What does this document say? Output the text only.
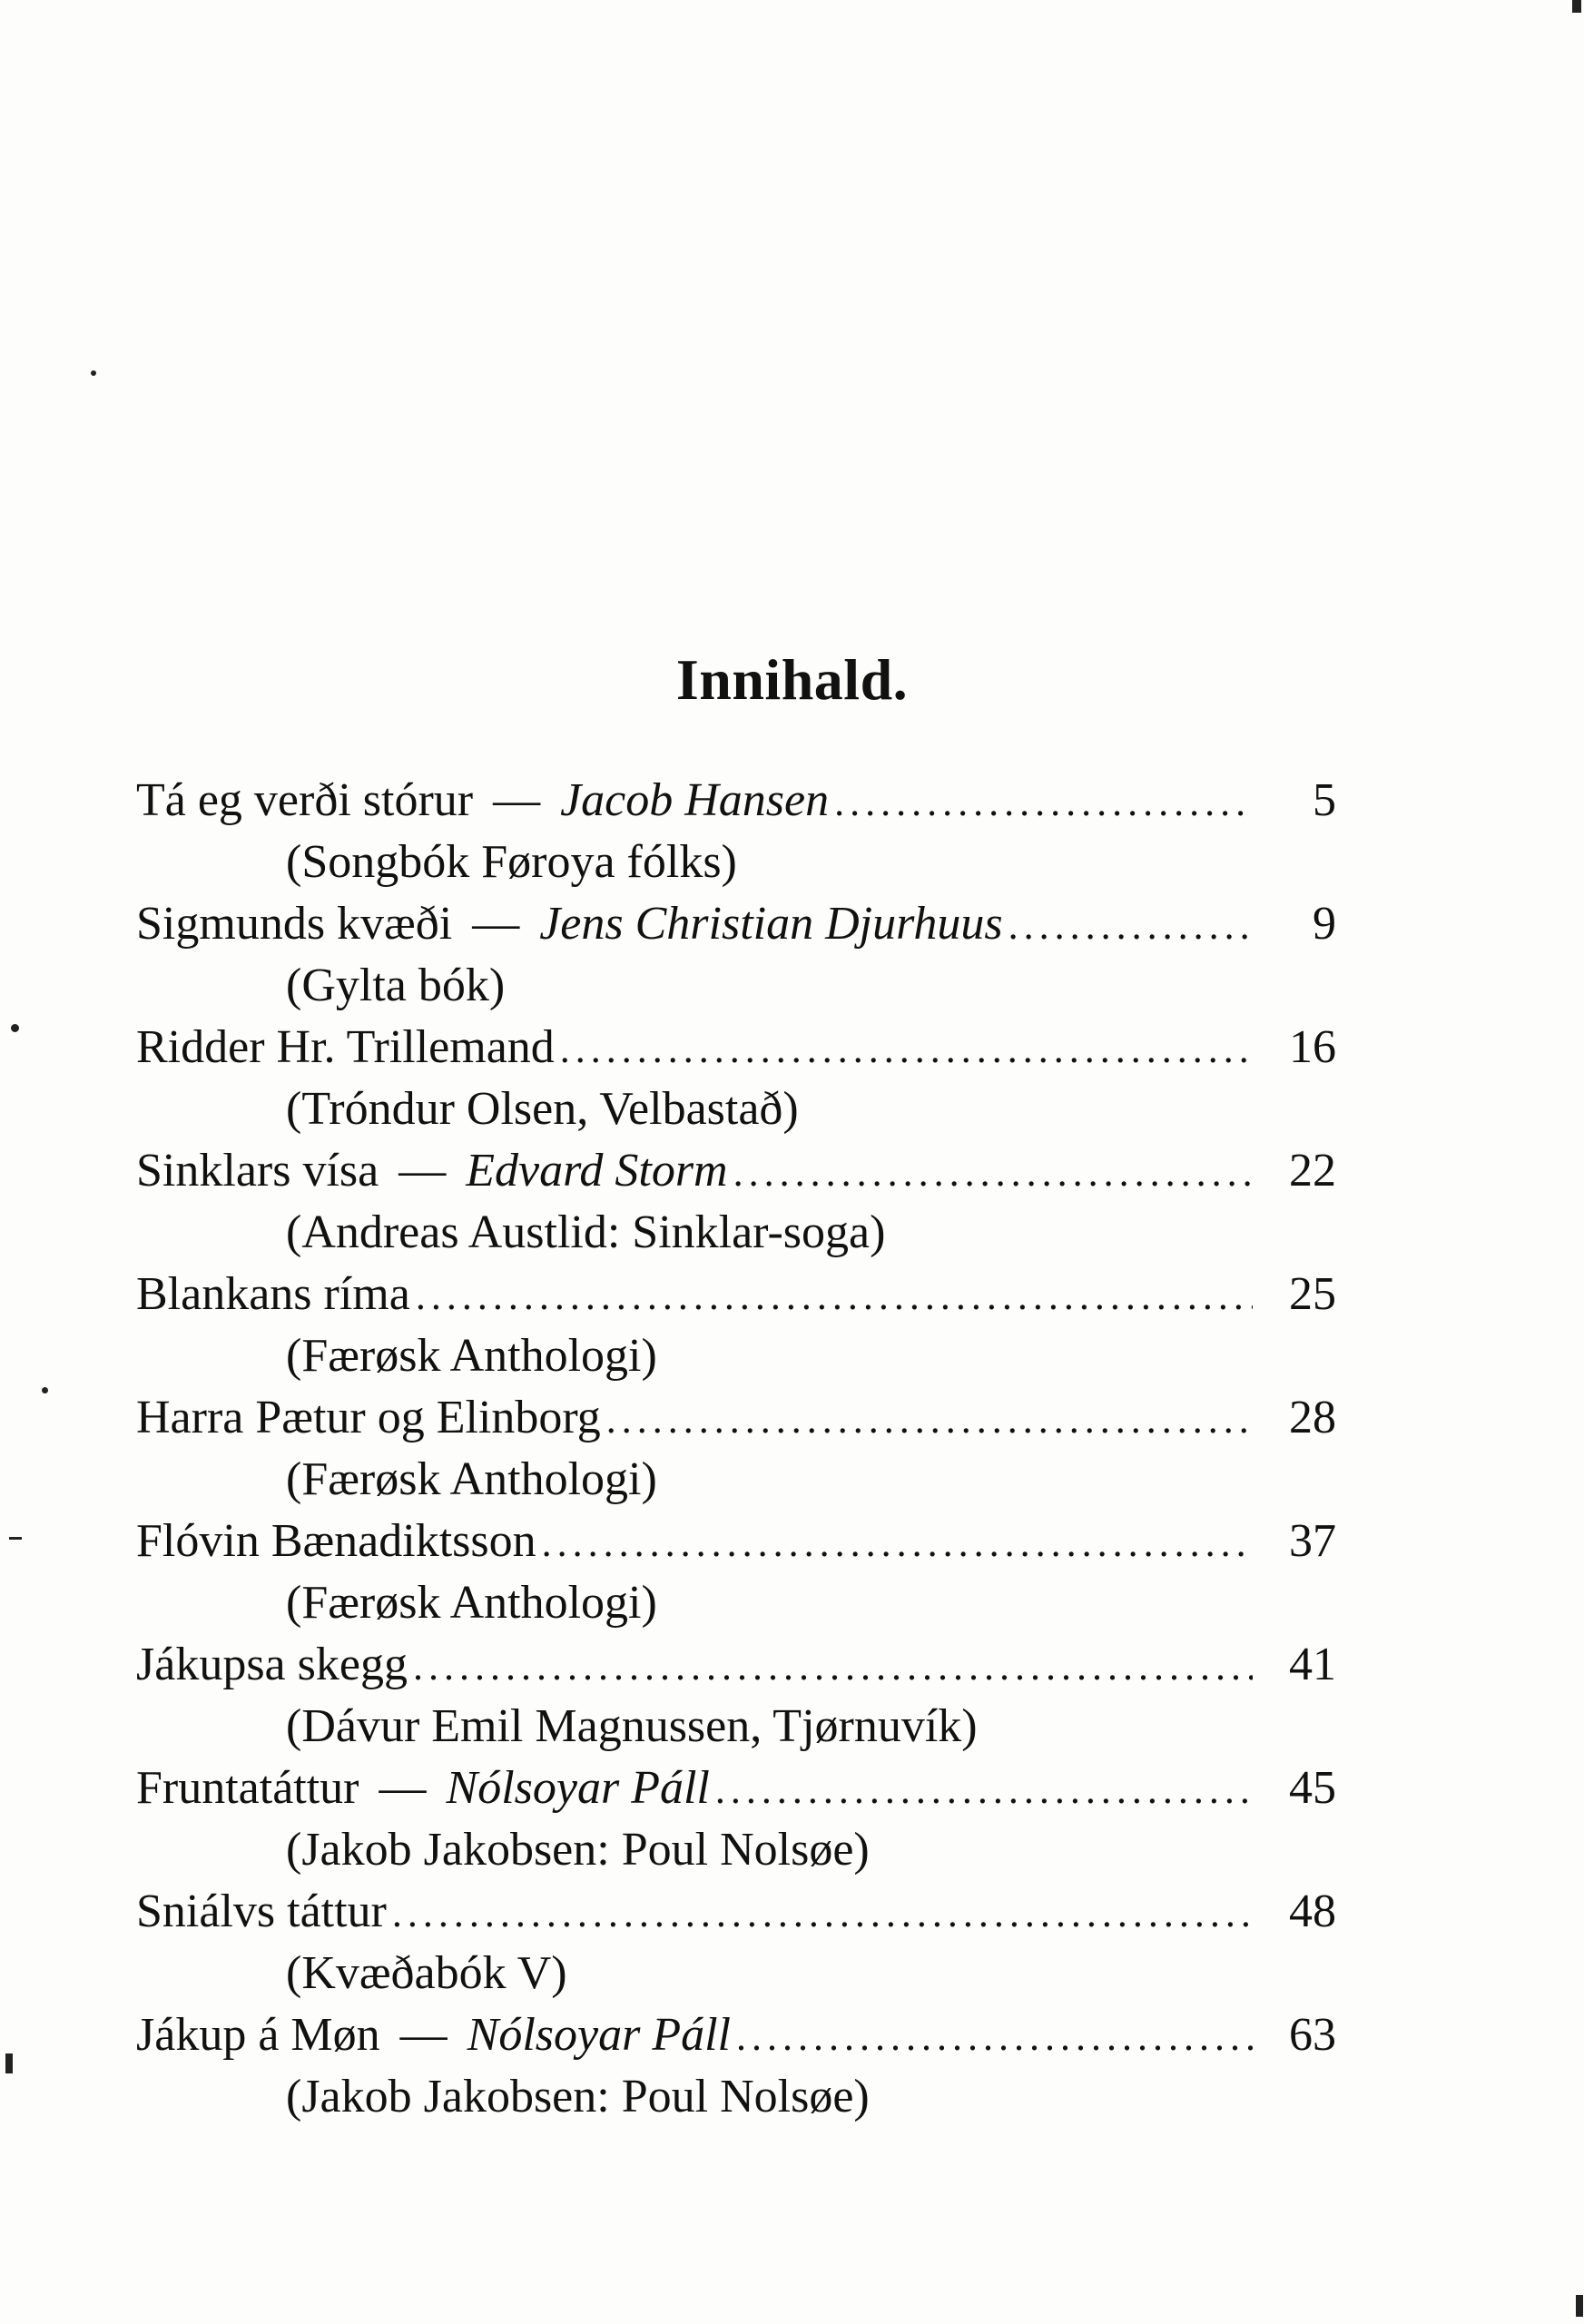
Innihald.
Tá eg verði stórur — Jacob Hansen .....	5
(Songbók Føroya fólks)
Sigmunds kvæði — Jens Christian Djurhuus .....	9
(Gylta bók)
Ridder Hr. Trillemand .....	16
(Tróndur Olsen, Velbastað)
Sinklars vísa — Edvard Storm .....	22
(Andreas Austlid: Sinklar-soga)
Blankans ríma .....	25
(Færøsk Anthologi)
Harra Pætur og Elinborg .....	28
(Færøsk Anthologi)
Flóvin Bænadiktsson .....	37
(Færøsk Anthologi)
Jákupsa skegg .....	41
(Dávur Emil Magnussen, Tjørnuvík)
Fruntatáttur — Nólsoyar Páll .....	45
(Jakob Jakobsen: Poul Nolsøe)
Sniálvs táttur .....	48
(Kvæðabók V)
Jákup á Møn — Nólsoyar Páll .....	63
(Jakob Jakobsen: Poul Nolsøe)
